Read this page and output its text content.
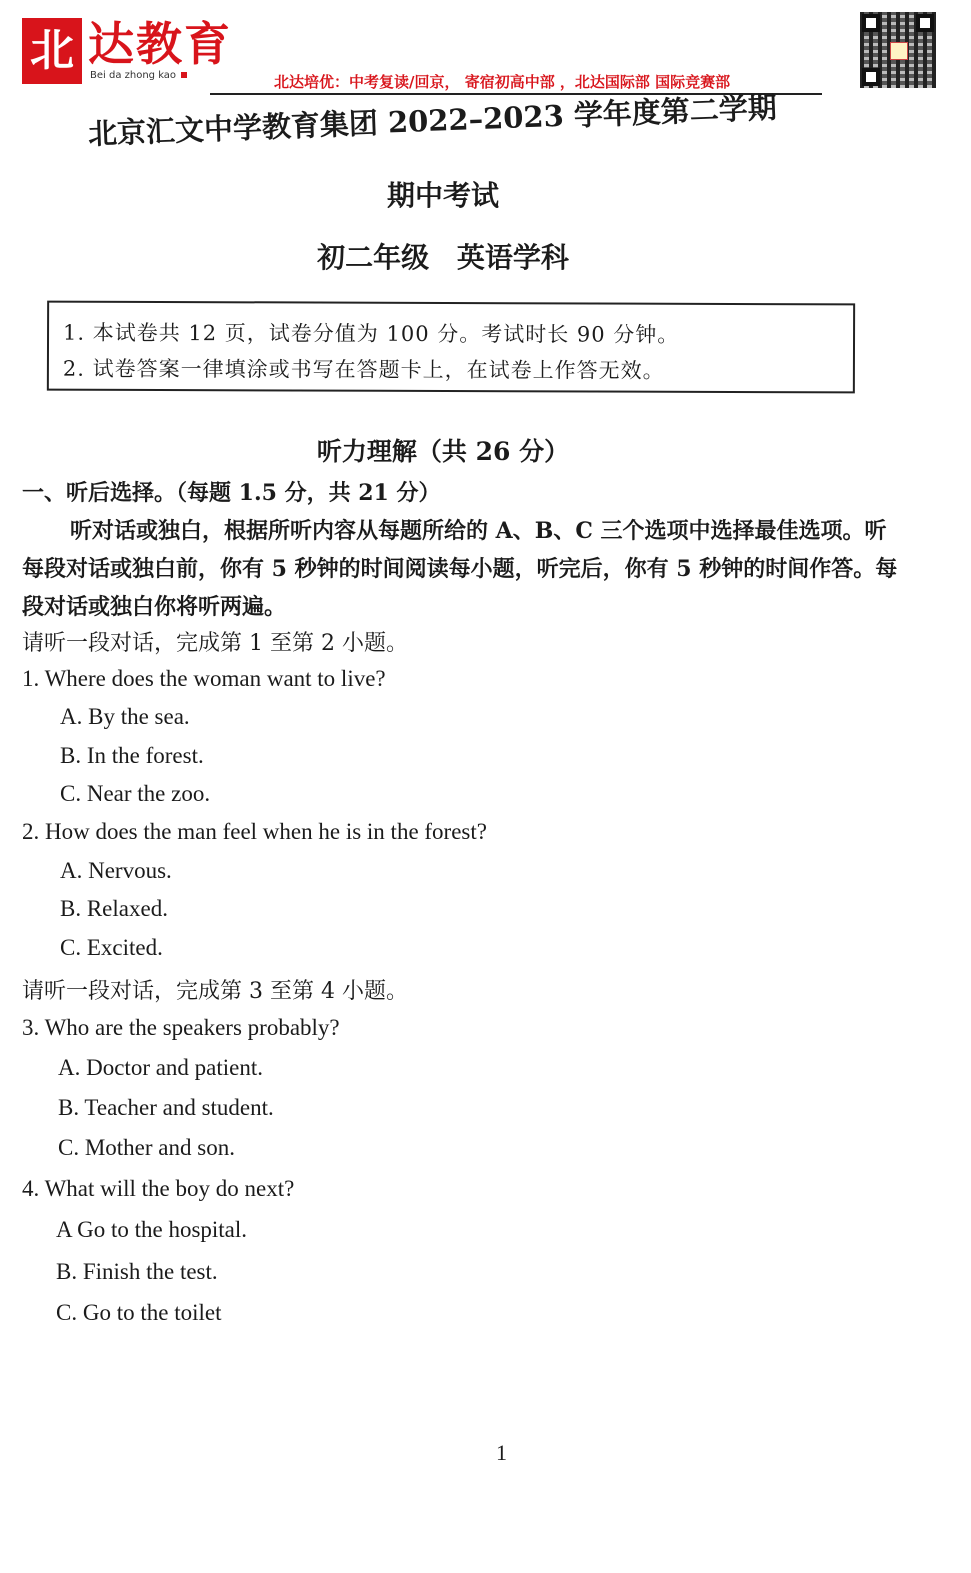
北 达教育
Bei da zhong kao	北达培优：中考复读/回京， 寄宿初高中部 ，北达国际部 国际竞赛部
北京汇文中学教育集团 2022–2023 学年度第二学期
期中考试
初二年级 英语学科
1. 本试卷共 12 页，试卷分值为 100 分。考试时长 90 分钟。
2. 试卷答案一律填涂或书写在答题卡上，在试卷上作答无效。
听力理解（共 26 分）
一、听后选择。（每题 1.5 分，共 21 分）
听对话或独白，根据所听内容从每题所给的 A、B、C 三个选项中选择最佳选项。听每段对话或独白前，你有 5 秒钟的时间阅读每小题，听完后，你有 5 秒钟的时间作答。每段对话或独白你将听两遍。
请听一段对话，完成第 1 至第 2 小题。
1. Where does the woman want to live?
A. By the sea.
B. In the forest.
C. Near the zoo.
2. How does the man feel when he is in the forest?
A. Nervous.
B. Relaxed.
C. Excited.
请听一段对话，完成第 3 至第 4 小题。
3. Who are the speakers probably?
A. Doctor and patient.
B. Teacher and student.
C. Mother and son.
4. What will the boy do next?
A Go to the hospital.
B. Finish the test.
C. Go to the toilet
1
